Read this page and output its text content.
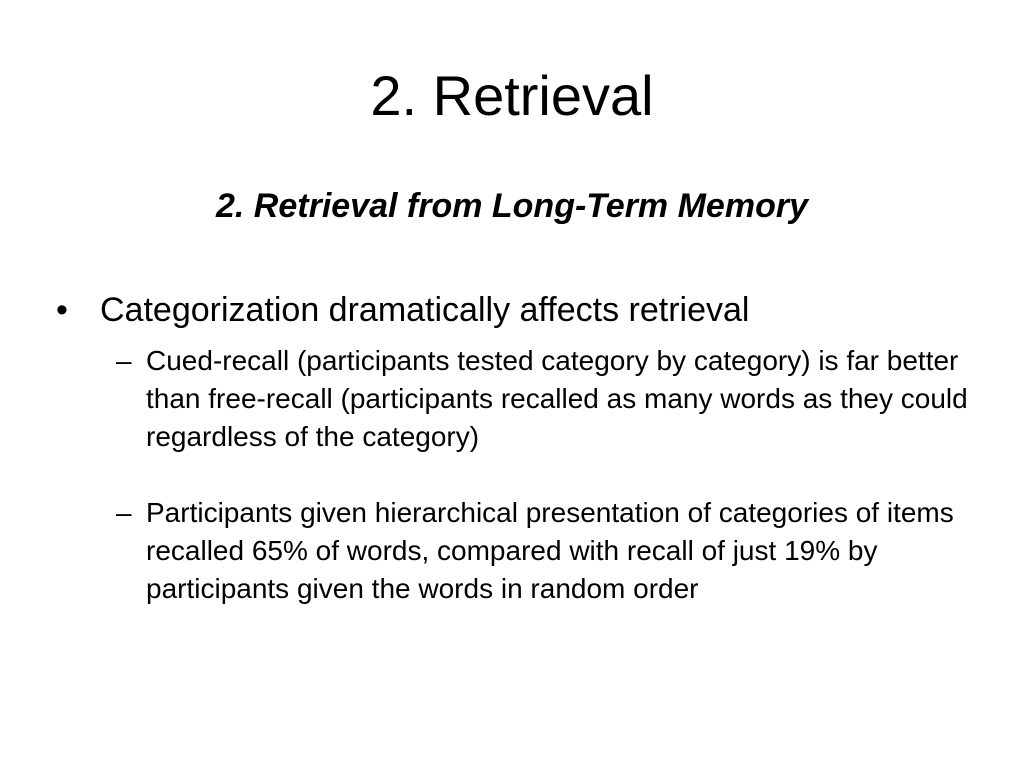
2. Retrieval
2. Retrieval from Long-Term Memory
• Categorization dramatically affects retrieval
– Cued-recall (participants tested category by category) is far better than free-recall (participants recalled as many words as they could regardless of the category)
– Participants given hierarchical presentation of categories of items recalled 65% of words, compared with recall of just 19% by participants given the words in random order
